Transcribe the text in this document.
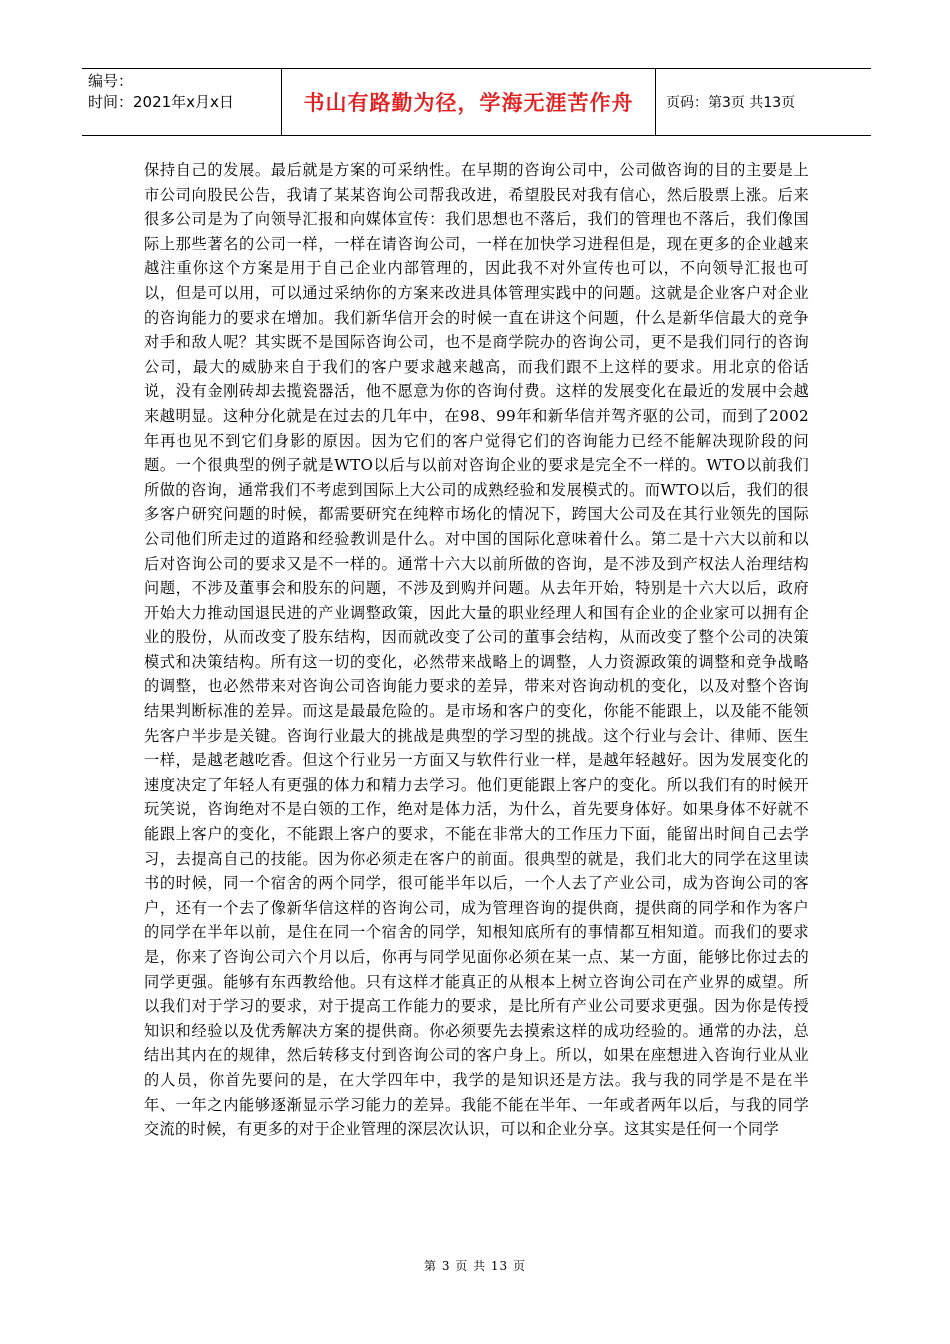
编号：
时间：2021年x月x日	书山有路勤为径，学海无涯苦作舟	页码：第3页 共13页
保持自己的发展。最后就是方案的可采纳性。在早期的咨询公司中，公司做咨询的目的主要是上市公司向股民公告，我请了某某咨询公司帮我改进，希望股民对我有信心，然后股票上涨。后来很多公司是为了向领导汇报和向媒体宣传：我们思想也不落后，我们的管理也不落后，我们像国际上那些著名的公司一样，一样在请咨询公司，一样在加快学习进程但是，现在更多的企业越来越注重你这个方案是用于自己企业内部管理的，因此我不对外宣传也可以，不向领导汇报也可以，但是可以用，可以通过采纳你的方案来改进具体管理实践中的问题。这就是企业客户对企业的咨询能力的要求在增加。我们新华信开会的时候一直在讲这个问题，什么是新华信最大的竞争对手和敌人呢？其实既不是国际咨询公司，也不是商学院办的咨询公司，更不是我们同行的咨询公司，最大的威胁来自于我们的客户要求越来越高，而我们跟不上这样的要求。用北京的俗话说，没有金刚砖却去揽瓷器活，他不愿意为你的咨询付费。这样的发展变化在最近的发展中会越来越明显。这种分化就是在过去的几年中，在98、99年和新华信并驾齐驱的公司，而到了2002年再也见不到它们身影的原因。因为它们的客户觉得它们的咨询能力已经不能解决现阶段的问题。一个很典型的例子就是WTO以后与以前对咨询企业的要求是完全不一样的。WTO以前我们所做的咨询，通常我们不考虑到国际上大公司的成熟经验和发展模式的。而WTO以后，我们的很多客户研究问题的时候，都需要研究在纯粹市场化的情况下，跨国大公司及在其行业领先的国际公司他们所走过的道路和经验教训是什么。对中国的国际化意味着什么。第二是十六大以前和以后对咨询公司的要求又是不一样的。通常十六大以前所做的咨询，是不涉及到产权法人治理结构问题，不涉及董事会和股东的问题，不涉及到购并问题。从去年开始，特别是十六大以后，政府开始大力推动国退民进的产业调整政策，因此大量的职业经理人和国有企业的企业家可以拥有企业的股份，从而改变了股东结构，因而就改变了公司的董事会结构，从而改变了整个公司的决策模式和决策结构。所有这一切的变化，必然带来战略上的调整，人力资源政策的调整和竞争战略的调整，也必然带来对咨询公司咨询能力要求的差异，带来对咨询动机的变化，以及对整个咨询结果判断标准的差异。而这是最最危险的。是市场和客户的变化，你能不能跟上，以及能不能领先客户半步是关键。咨询行业最大的挑战是典型的学习型的挑战。这个行业与会计、律师、医生一样，是越老越吃香。但这个行业另一方面又与软件行业一样，是越年轻越好。因为发展变化的速度决定了年轻人有更强的体力和精力去学习。他们更能跟上客户的变化。所以我们有的时候开玩笑说，咨询绝对不是白领的工作，绝对是体力活，为什么，首先要身体好。如果身体不好就不能跟上客户的变化，不能跟上客户的要求，不能在非常大的工作压力下面，能留出时间自己去学习，去提高自己的技能。因为你必须走在客户的前面。很典型的就是，我们北大的同学在这里读书的时候，同一个宿舍的两个同学，很可能半年以后，一个人去了产业公司，成为咨询公司的客户，还有一个去了像新华信这样的咨询公司，成为管理咨询的提供商，提供商的同学和作为客户的同学在半年以前，是住在同一个宿舍的同学，知根知底所有的事情都互相知道。而我们的要求是，你来了咨询公司六个月以后，你再与同学见面你必须在某一点、某一方面，能够比你过去的同学更强。能够有东西教给他。只有这样才能真正的从根本上树立咨询公司在产业界的威望。所以我们对于学习的要求，对于提高工作能力的要求，是比所有产业公司要求更强。因为你是传授知识和经验以及优秀解决方案的提供商。你必须要先去摸索这样的成功经验的。通常的办法，总结出其内在的规律，然后转移支付到咨询公司的客户身上。所以，如果在座想进入咨询行业从业的人员，你首先要问的是，在大学四年中，我学的是知识还是方法。我与我的同学是不是在半年、一年之内能够逐渐显示学习能力的差异。我能不能在半年、一年或者两年以后，与我的同学交流的时候，有更多的对于企业管理的深层次认识，可以和企业分享。这其实是任何一个同学
第 3 页 共 13 页
